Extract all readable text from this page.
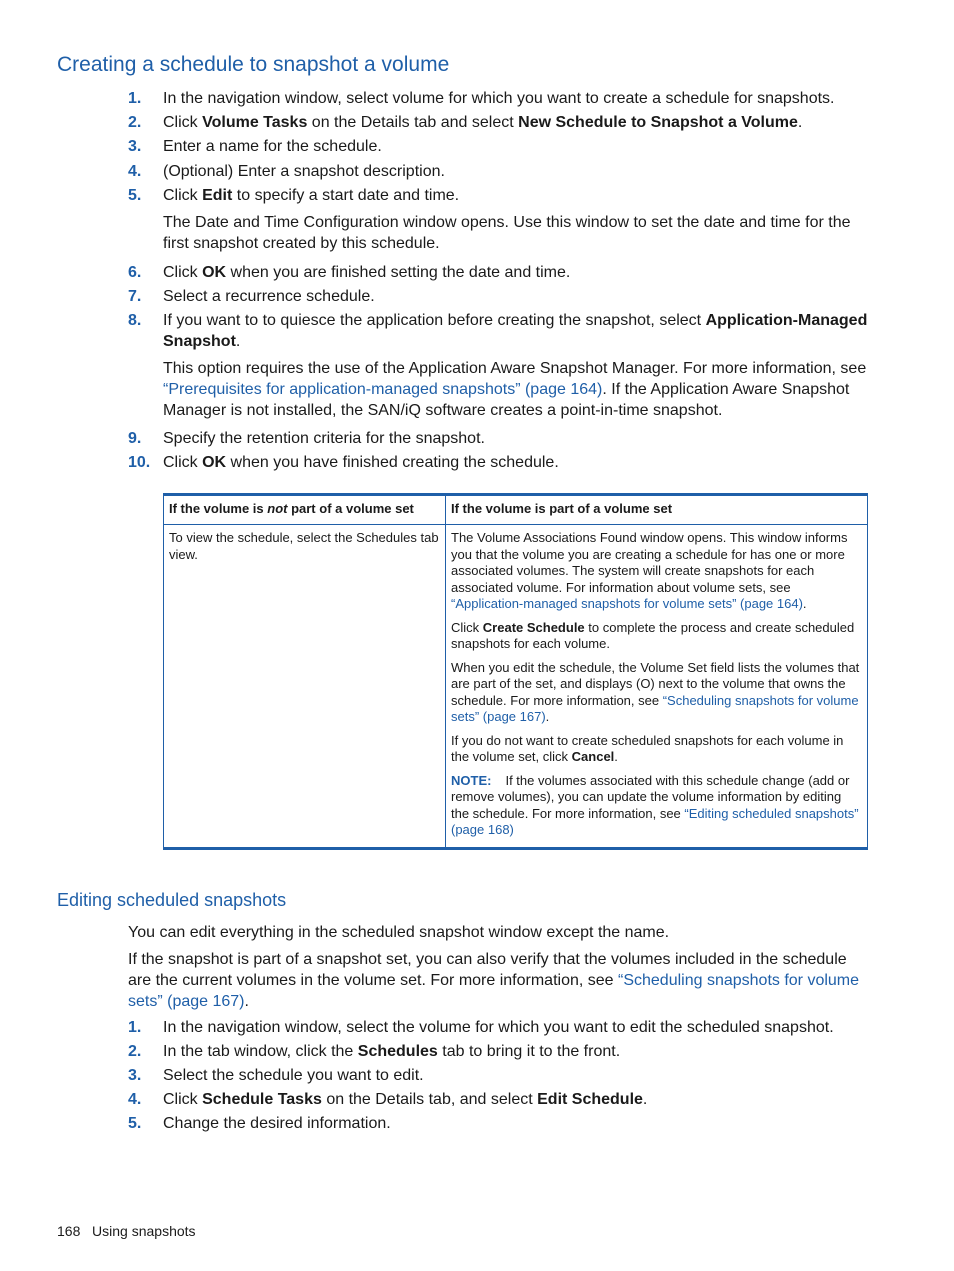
Creating a schedule to snapshot a volume
1. In the navigation window, select volume for which you want to create a schedule for snapshots.
2. Click Volume Tasks on the Details tab and select New Schedule to Snapshot a Volume.
3. Enter a name for the schedule.
4. (Optional) Enter a snapshot description.
5. Click Edit to specify a start date and time.
The Date and Time Configuration window opens. Use this window to set the date and time for the first snapshot created by this schedule.
6. Click OK when you are finished setting the date and time.
7. Select a recurrence schedule.
8. If you want to to quiesce the application before creating the snapshot, select Application-Managed Snapshot.
This option requires the use of the Application Aware Snapshot Manager. For more information, see “Prerequisites for application-managed snapshots” (page 164). If the Application Aware Snapshot Manager is not installed, the SAN/iQ software creates a point-in-time snapshot.
9. Specify the retention criteria for the snapshot.
10. Click OK when you have finished creating the schedule.
If the volume is not part of a volume set	If the volume is part of a volume set
To view the schedule, select the Schedules tab view.	The Volume Associations Found window opens. This window informs you that the volume you are creating a schedule for has one or more associated volumes. The system will create snapshots for each associated volume. For information about volume sets, see “Application-managed snapshots for volume sets” (page 164).

Click Create Schedule to complete the process and create scheduled snapshots for each volume.

When you edit the schedule, the Volume Set field lists the volumes that are part of the set, and displays (O) next to the volume that owns the schedule. For more information, see “Scheduling snapshots for volume sets” (page 167).

If you do not want to create scheduled snapshots for each volume in the volume set, click Cancel.

NOTE: If the volumes associated with this schedule change (add or remove volumes), you can update the volume information by editing the schedule. For more information, see “Editing scheduled snapshots” (page 168)

Editing scheduled snapshots
You can edit everything in the scheduled snapshot window except the name.
If the snapshot is part of a snapshot set, you can also verify that the volumes included in the schedule are the current volumes in the volume set. For more information, see “Scheduling snapshots for volume sets” (page 167).
1. In the navigation window, select the volume for which you want to edit the scheduled snapshot.
2. In the tab window, click the Schedules tab to bring it to the front.
3. Select the schedule you want to edit.
4. Click Schedule Tasks on the Details tab, and select Edit Schedule.
5. Change the desired information.
168 Using snapshots
